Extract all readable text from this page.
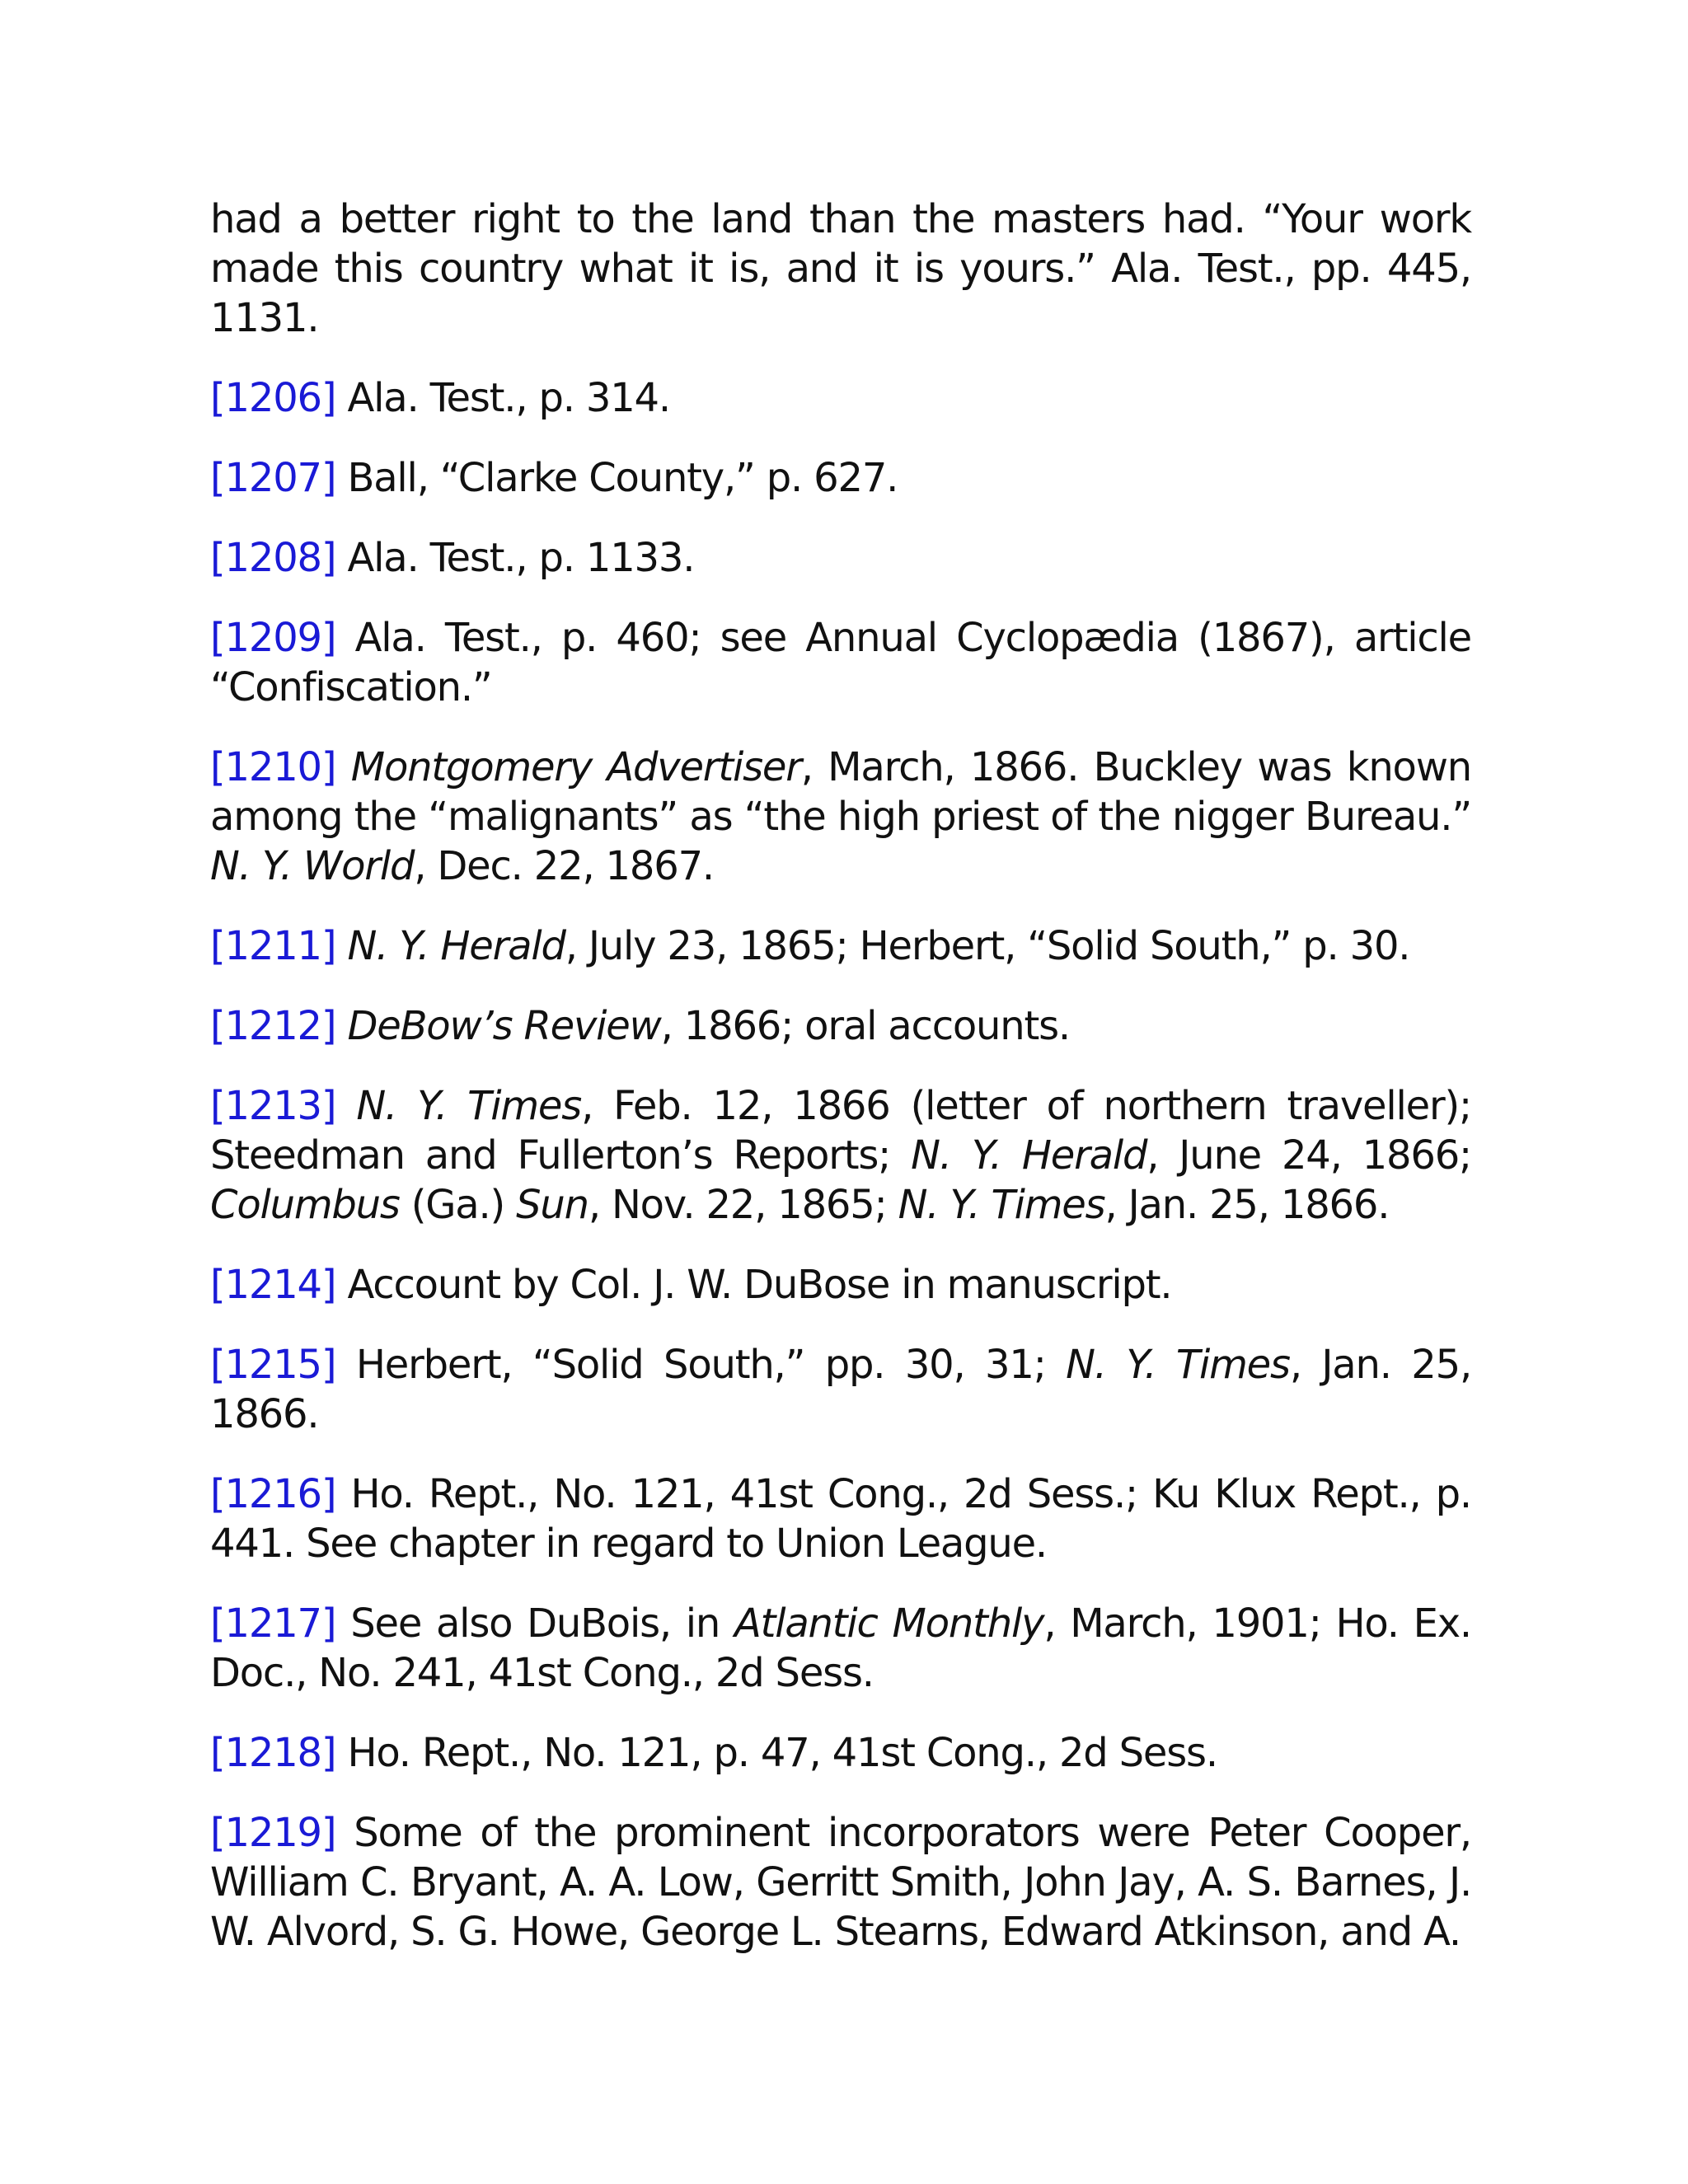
had a better right to the land than the masters had. “Your work made this country what it is, and it is yours.” Ala. Test., pp. 445, 1131.

[1206] Ala. Test., p. 314.

[1207] Ball, “Clarke County,” p. 627.

[1208] Ala. Test., p. 1133.

[1209] Ala. Test., p. 460; see Annual Cyclopædia (1867), article “Confiscation.”

[1210] Montgomery Advertiser, March, 1866. Buckley was known among the “malignants” as “the high priest of the nigger Bureau.” N. Y. World, Dec. 22, 1867.

[1211] N. Y. Herald, July 23, 1865; Herbert, “Solid South,” p. 30.

[1212] DeBow’s Review, 1866; oral accounts.

[1213] N. Y. Times, Feb. 12, 1866 (letter of northern traveller); Steedman and Fullerton’s Reports; N. Y. Herald, June 24, 1866; Columbus (Ga.) Sun, Nov. 22, 1865; N. Y. Times, Jan. 25, 1866.

[1214] Account by Col. J. W. DuBose in manuscript.

[1215] Herbert, “Solid South,” pp. 30, 31; N. Y. Times, Jan. 25, 1866.

[1216] Ho. Rept., No. 121, 41st Cong., 2d Sess.; Ku Klux Rept., p. 441. See chapter in regard to Union League.

[1217] See also DuBois, in Atlantic Monthly, March, 1901; Ho. Ex. Doc., No. 241, 41st Cong., 2d Sess.

[1218] Ho. Rept., No. 121, p. 47, 41st Cong., 2d Sess.

[1219] Some of the prominent incorporators were Peter Cooper, William C. Bryant, A. A. Low, Gerritt Smith, John Jay, A. S. Barnes, J. W. Alvord, S. G. Howe, George L. Stearns, Edward Atkinson, and A.
